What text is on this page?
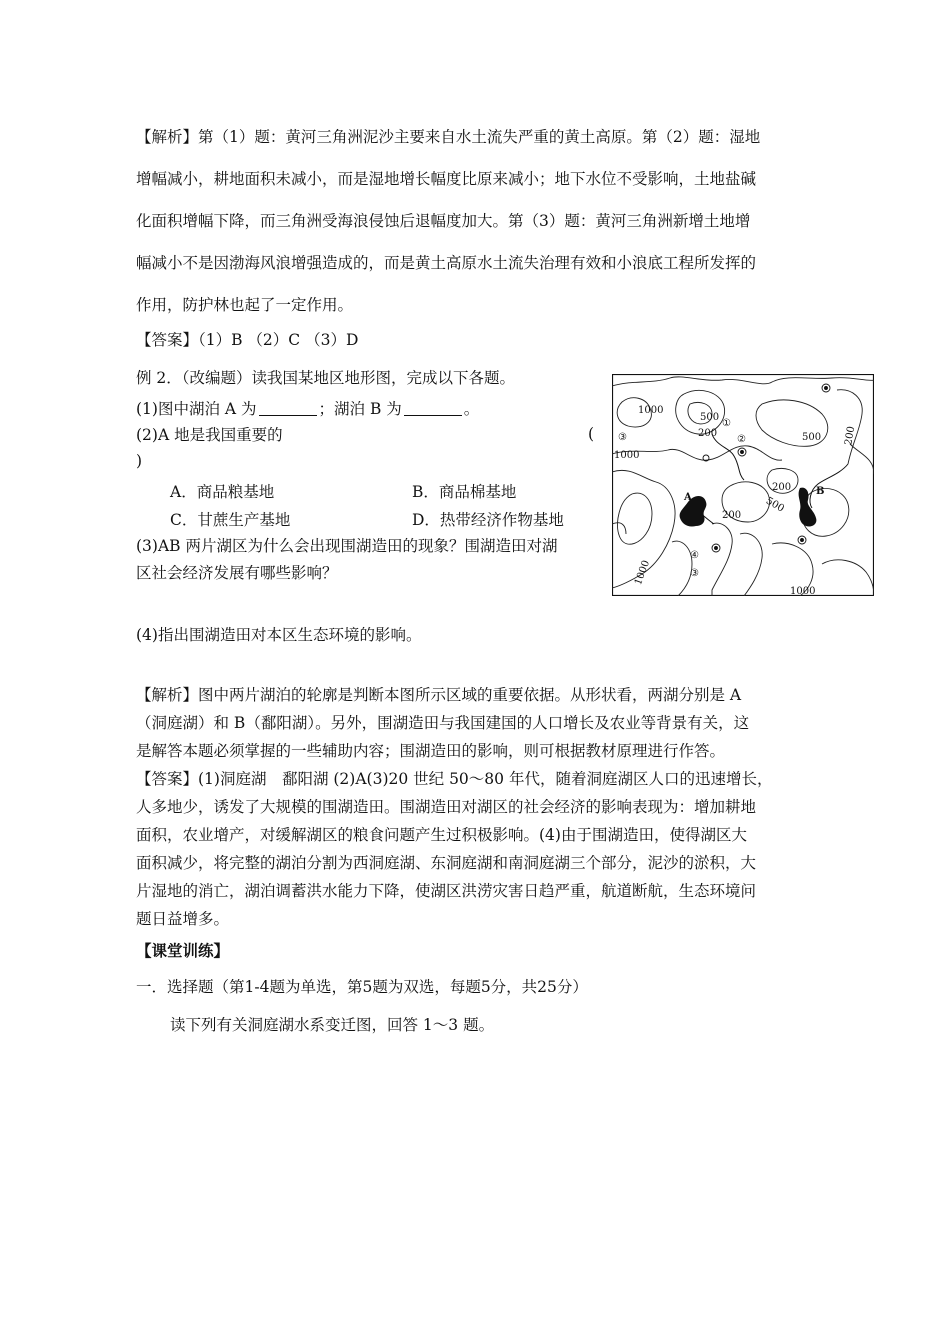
【解析】第（1）题：黄河三角洲泥沙主要来自水土流失严重的黄土高原。第（2）题：湿地
增幅减小，耕地面积未减小，而是湿地增长幅度比原来减小；地下水位不受影响，土地盐碱
化面积增幅下降，而三角洲受海浪侵蚀后退幅度加大。第（3）题：黄河三角洲新增土地增
幅减小不是因渤海风浪增强造成的，而是黄土高原水土流失治理有效和小浪底工程所发挥的
作用，防护林也起了一定作用。
【答案】（1）B （2）C （3）D
例 2．（改编题）读我国某地区地形图，完成以下各题。
(1)图中湖泊 A 为	；湖泊 B 为	。
(2)A 地是我国重要的	(
)
A．商品粮基地	B．商品棉基地
C．甘蔗生产基地	D．热带经济作物基地
(3)AB 两片湖区为什么会出现围湖造田的现象？围湖造田对湖
区社会经济发展有哪些影响？
(4)指出围湖造田对本区生态环境的影响。
1000
500
①
200
②	500 200
③
1000
A
200
500
B
200
④
③
1000
1000
【解析】图中两片湖泊的轮廓是判断本图所示区域的重要依据。从形状看，两湖分别是 A
（洞庭湖）和 B（鄱阳湖）。另外，围湖造田与我国建国的人口增长及农业等背景有关，这
是解答本题必须掌握的一些辅助内容；围湖造田的影响，则可根据教材原理进行作答。
【答案】(1)洞庭湖　鄱阳湖 (2)A(3)20 世纪 50～80 年代，随着洞庭湖区人口的迅速增长，
人多地少，诱发了大规模的围湖造田。围湖造田对湖区的社会经济的影响表现为：增加耕地
面积，农业增产，对缓解湖区的粮食问题产生过积极影响。(4)由于围湖造田，使得湖区大
面积减少，将完整的湖泊分割为西洞庭湖、东洞庭湖和南洞庭湖三个部分，泥沙的淤积，大
片湿地的消亡，湖泊调蓄洪水能力下降，使湖区洪涝灾害日趋严重，航道断航，生态环境问
题日益增多。
【课堂训练】
一．选择题（第1-4题为单选，第5题为双选，每题5分，共25分）
读下列有关洞庭湖水系变迁图，回答 1～3 题。
